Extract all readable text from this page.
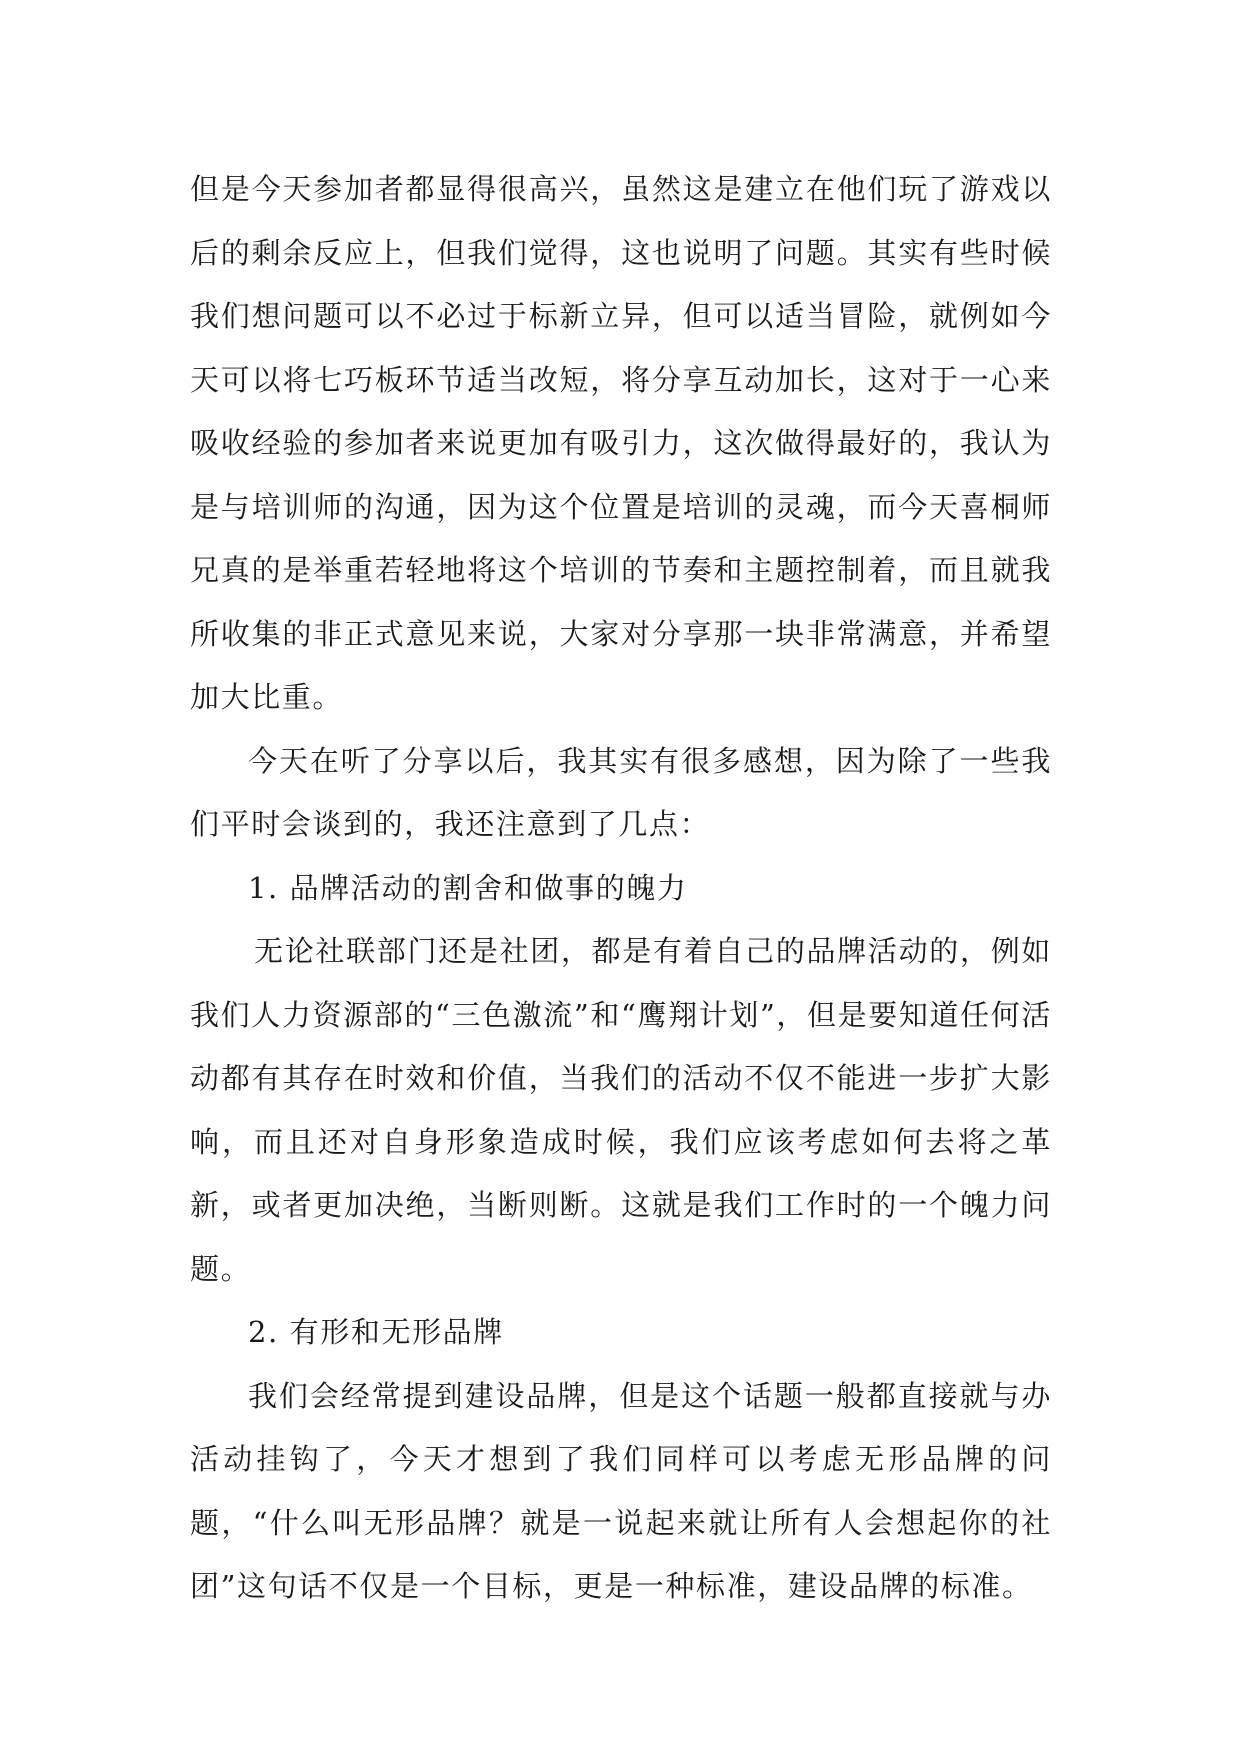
但是今天参加者都显得很高兴，虽然这是建立在他们玩了游戏以后的剩余反应上，但我们觉得，这也说明了问题。其实有些时候我们想问题可以不必过于标新立异，但可以适当冒险，就例如今天可以将七巧板环节适当改短，将分享互动加长，这对于一心来吸收经验的参加者来说更加有吸引力，这次做得最好的，我认为是与培训师的沟通，因为这个位置是培训的灵魂，而今天喜桐师兄真的是举重若轻地将这个培训的节奏和主题控制着，而且就我所收集的非正式意见来说，大家对分享那一块非常满意，并希望加大比重。

今天在听了分享以后，我其实有很多感想，因为除了一些我们平时会谈到的，我还注意到了几点：

1. 品牌活动的割舍和做事的魄力

无论社联部门还是社团，都是有着自己的品牌活动的，例如我们人力资源部的“三色激流”和“鹰翔计划”，但是要知道任何活动都有其存在时效和价值，当我们的活动不仅不能进一步扩大影响，而且还对自身形象造成时候，我们应该考虑如何去将之革新，或者更加决绝，当断则断。这就是我们工作时的一个魄力问题。

2. 有形和无形品牌

我们会经常提到建设品牌，但是这个话题一般都直接就与办活动挂钩了，今天才想到了我们同样可以考虑无形品牌的问题，“什么叫无形品牌？就是一说起来就让所有人会想起你的社团”这句话不仅是一个目标，更是一种标准，建设品牌的标准。
